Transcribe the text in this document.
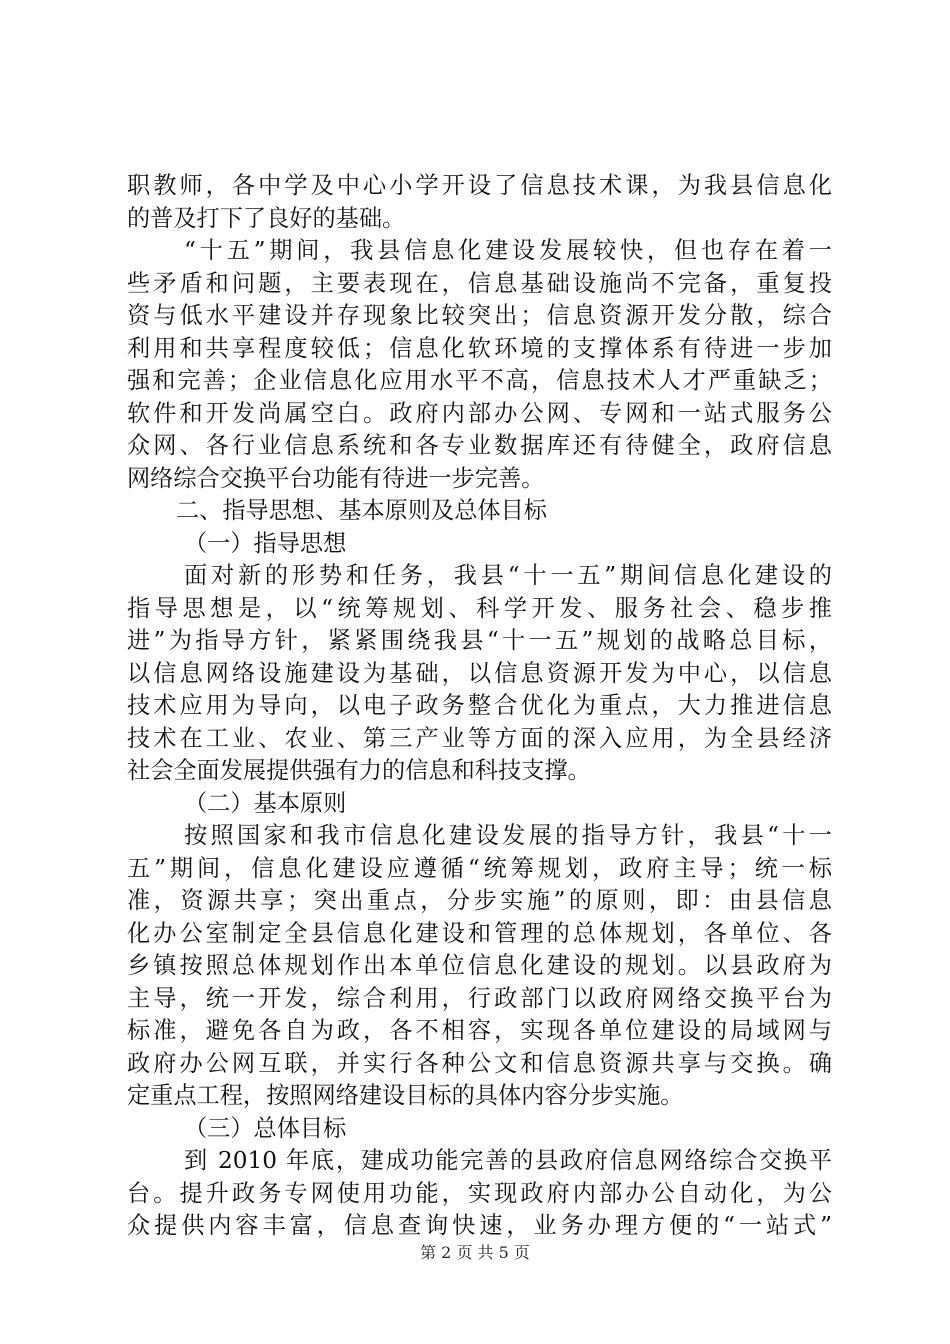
职教师，各中学及中心小学开设了信息技术课，为我县信息化
的普及打下了良好的基础。
“十五”期间，我县信息化建设发展较快，但也存在着一
些矛盾和问题，主要表现在，信息基础设施尚不完备，重复投
资与低水平建设并存现象比较突出；信息资源开发分散，综合
利用和共享程度较低；信息化软环境的支撑体系有待进一步加
强和完善；企业信息化应用水平不高，信息技术人才严重缺乏；
软件和开发尚属空白。政府内部办公网、专网和一站式服务公
众网、各行业信息系统和各专业数据库还有待健全，政府信息
网络综合交换平台功能有待进一步完善。
二、指导思想、基本原则及总体目标
（一）指导思想
面对新的形势和任务，我县“十一五”期间信息化建设的
指导思想是，以“统筹规划、科学开发、服务社会、稳步推
进”为指导方针，紧紧围绕我县“十一五”规划的战略总目标，
以信息网络设施建设为基础，以信息资源开发为中心，以信息
技术应用为导向，以电子政务整合优化为重点，大力推进信息
技术在工业、农业、第三产业等方面的深入应用，为全县经济
社会全面发展提供强有力的信息和科技支撑。
（二）基本原则
按照国家和我市信息化建设发展的指导方针，我县“十一
五”期间，信息化建设应遵循“统筹规划，政府主导；统一标
准，资源共享；突出重点，分步实施”的原则，即：由县信息
化办公室制定全县信息化建设和管理的总体规划，各单位、各
乡镇按照总体规划作出本单位信息化建设的规划。以县政府为
主导，统一开发，综合利用，行政部门以政府网络交换平台为
标准，避免各自为政，各不相容，实现各单位建设的局域网与
政府办公网互联，并实行各种公文和信息资源共享与交换。确
定重点工程，按照网络建设目标的具体内容分步实施。
（三）总体目标
到 2010 年底，建成功能完善的县政府信息网络综合交换平
台。提升政务专网使用功能，实现政府内部办公自动化，为公
众提供内容丰富，信息查询快速，业务办理方便的“一站式”
第 2 页 共 5 页
